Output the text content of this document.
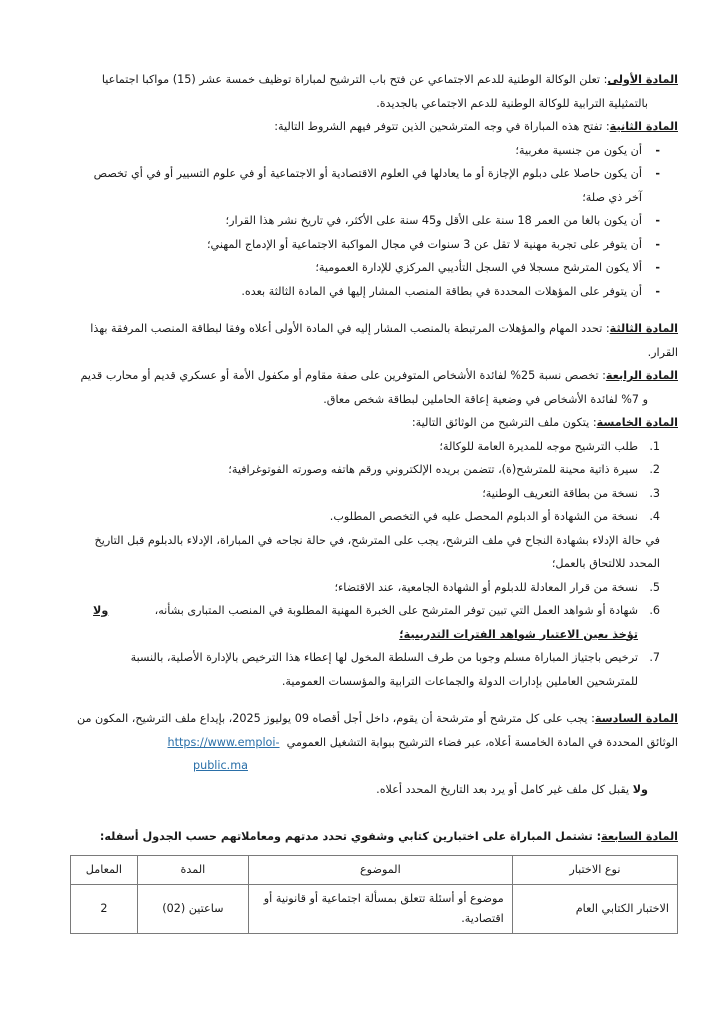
المادة الأولى: تعلن الوكالة الوطنية للدعم الاجتماعي عن فتح باب الترشيح لمباراة توظيف خمسة عشر (15) مواكبا اجتماعيا

بالتمثيلية الترابية للوكالة الوطنية للدعم الاجتماعي بالجديدة.

المادة الثانية: تفتح هذه المباراة في وجه المترشحين الذين تتوفر فيهم الشروط التالية:

- أن يكون من جنسية مغربية؛
- أن يكون حاصلا على دبلوم الإجازة أو ما يعادلها في العلوم الاقتصادية أو الاجتماعية أو في علوم التسيير أو في أي تخصص آخر ذي صلة؛
- أن يكون بالغا من العمر 18 سنة على الأقل و45 سنة على الأكثر، في تاريخ نشر هذا القرار؛
- أن يتوفر على تجربة مهنية لا تقل عن 3 سنوات في مجال المواكبة الاجتماعية أو الإدماج المهني؛
- ألا يكون المترشح مسجلا في السجل التأديبي المركزي للإدارة العمومية؛
- أن يتوفر على المؤهلات المحددة في بطاقة المنصب المشار إليها في المادة الثالثة بعده.

المادة الثالثة: تحدد المهام والمؤهلات المرتبطة بالمنصب المشار إليه في المادة الأولى أعلاه وفقا لبطاقة المنصب المرفقة بهذا القرار.

المادة الرابعة: تخصص نسبة 25% لفائدة الأشخاص المتوفرين على صفة مقاوم أو مكفول الأمة أو عسكري قديم أو محارب قديم

و 7% لفائدة الأشخاص في وضعية إعاقة الحاملين لبطاقة شخص معاق.

المادة الخامسة: يتكون ملف الترشيح من الوثائق التالية:

1.
طلب الترشيح موجه للمديرة العامة للوكالة؛
2.
سيرة ذاتية محينة للمترشح(ة)، تتضمن بريده الإلكتروني ورقم هاتفه وصورته الفوتوغرافية؛
3.
نسخة من بطاقة التعريف الوطنية؛
4.
نسخة من الشهادة أو الدبلوم المحصل عليه في التخصص المطلوب.

في حالة الإدلاء بشهادة النجاح في ملف الترشح، يجب على المترشح، في حالة نجاحه في المباراة، الإدلاء بالدبلوم قبل التاريخ المحدد للالتحاق بالعمل؛

5.
نسخة من قرار المعادلة للدبلوم أو الشهادة الجامعية، عند الاقتضاء؛
6.
شهادة أو شواهد العمل التي تبين توفر المترشح على الخبرة المهنية المطلوبة في المنصب المتبارى بشأنه،             ولا
تؤخذ بعين الاعتبار شواهد الفترات التدريبية؛
7.
ترخيص باجتياز المباراة مسلم وجوبا من طرف السلطة المخول لها إعطاء هذا الترخيص بالإدارة الأصلية، بالنسبة للمترشحين العاملين بإدارات الدولة والجماعات الترابية والمؤسسات العمومية.

المادة السادسة: يجب على كل مترشح أو مترشحة أن يقوم، داخل أجل أقصاه 09 يوليوز 2025، بإيداع ملف الترشيح، المكون من الوثائق المحددة في المادة الخامسة أعلاه، عبر فضاء الترشيح ببوابة التشغيل العمومي  https://www.emploi-

public.ma

ولا يقبل كل ملف غير كامل أو يرد بعد التاريخ المحدد أعلاه.

المادة السابعة: تشتمل المباراة على اختبارين كتابي وشفوي تحدد مدتهم ومعاملاتهم حسب الجدول أسفله:

نوع الاختبار	الموضوع	المدة	المعامل
الاختبار الكتابي العام	موضوع أو أسئلة تتعلق بمسألة اجتماعية أو قانونية أو اقتصادية.	ساعتين (02)	2
